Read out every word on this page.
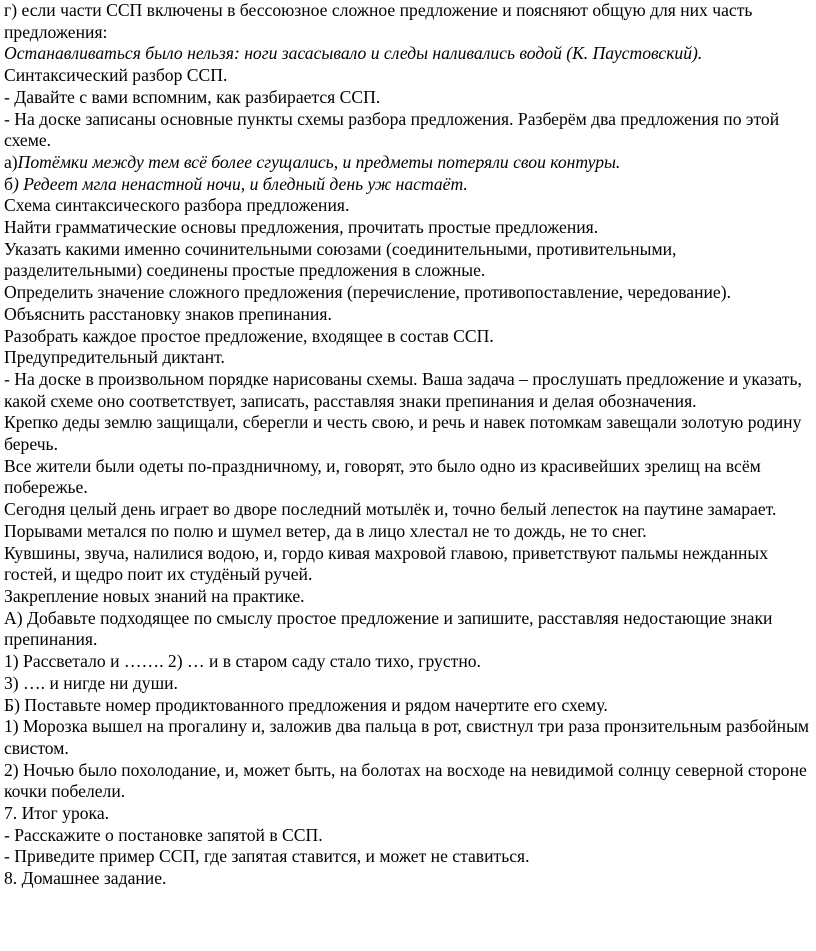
г) если части ССП включены в бессоюзное сложное предложение и поясняют общую для них часть предложения:

Останавливаться было нельзя: ноги засасывало и следы наливались водой (К. Паустовский).

Синтаксический разбор ССП.

- Давайте с вами вспомним, как разбирается ССП.

- На доске записаны основные пункты схемы разбора предложения. Разберём два предложения по этой схеме.

а)Потёмки между тем всё более сгущались, и предметы потеряли свои контуры.

б) Редеет мгла ненастной ночи, и бледный день уж настаёт.

Схема синтаксического разбора предложения.

Найти грамматические основы предложения, прочитать простые предложения.

Указать какими именно сочинительными союзами (соединительными, противительными, разделительными) соединены простые предложения в сложные.

Определить значение сложного предложения (перечисление, противопоставление, чередование).

Объяснить расстановку знаков препинания.

Разобрать каждое простое предложение, входящее в состав ССП.

Предупредительный диктант.

- На доске в произвольном порядке нарисованы схемы. Ваша задача – прослушать предложение и указать, какой схеме оно соответствует, записать, расставляя знаки препинания и делая обозначения.

Крепко деды землю защищали, сберегли и честь свою, и речь и навек потомкам завещали золотую родину беречь.

Все жители были одеты по-праздничному, и, говорят, это было одно из красивейших зрелищ на всём побережье.

Сегодня целый день играет во дворе последний мотылёк и, точно белый лепесток на паутине замарает.

Порывами метался по полю и шумел ветер, да в лицо хлестал не то дождь, не то снег.

Кувшины, звуча, налилися водою, и, гордо кивая махровой главою, приветствуют пальмы нежданных гостей, и щедро поит их студёный ручей.

Закрепление новых знаний на практике.

А) Добавьте подходящее по смыслу простое предложение и запишите, расставляя недостающие знаки препинания.

1) Рассветало и ……. 2) … и в старом саду стало тихо, грустно.

3) …. и нигде ни души.

Б) Поставьте номер продиктованного предложения и рядом начертите его схему.

1) Морозка вышел на прогалину и, заложив два пальца в рот, свистнул три раза пронзительным разбойным свистом.

2) Ночью было похолодание, и, может быть, на болотах на восходе на невидимой солнцу северной стороне кочки побелели.

7. Итог урока.

- Расскажите о постановке запятой в ССП.

- Приведите пример ССП, где запятая ставится, и может не ставиться.

8. Домашнее задание.
